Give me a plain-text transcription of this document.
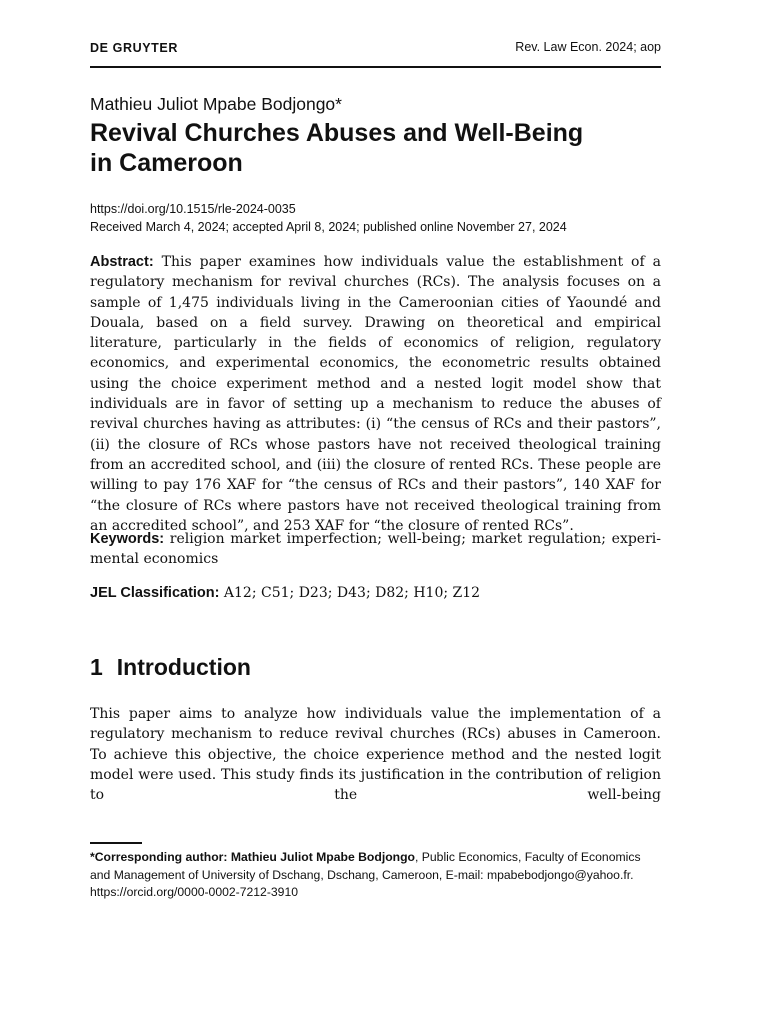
DE GRUYTER	Rev. Law Econ. 2024; aop
Mathieu Juliot Mpabe Bodjongo*
Revival Churches Abuses and Well-Being
in Cameroon
https://doi.org/10.1515/rle-2024-0035
Received March 4, 2024; accepted April 8, 2024; published online November 27, 2024
Abstract: This paper examines how individuals value the establishment of a regulatory mechanism for revival churches (RCs). The analysis focuses on a sample of 1,475 individuals living in the Cameroonian cities of Yaoundé and Douala, based on a field survey. Drawing on theoretical and empirical literature, particularly in the fields of economics of religion, regulatory economics, and experimental economics, the econometric results obtained using the choice experiment method and a nested logit model show that individuals are in favor of setting up a mechanism to reduce the abuses of revival churches having as attributes: (i) “the census of RCs and their pastors”, (ii) the closure of RCs whose pastors have not received theological training from an accredited school, and (iii) the closure of rented RCs. These people are willing to pay 176 XAF for “the census of RCs and their pastors”, 140 XAF for “the closure of RCs where pastors have not received theological training from an accredited school”, and 253 XAF for “the closure of rented RCs”.
Keywords: religion market imperfection; well-being; market regulation; experimental economics
JEL Classification: A12; C51; D23; D43; D82; H10; Z12
1 Introduction
This paper aims to analyze how individuals value the implementation of a regulatory mechanism to reduce revival churches (RCs) abuses in Cameroon. To achieve this objective, the choice experience method and the nested logit model were used. This study finds its justification in the contribution of religion to the well-being
*Corresponding author: Mathieu Juliot Mpabe Bodjongo, Public Economics, Faculty of Economics and Management of University of Dschang, Dschang, Cameroon, E-mail: mpabebodjongo@yahoo.fr. https://orcid.org/0000-0002-7212-3910
